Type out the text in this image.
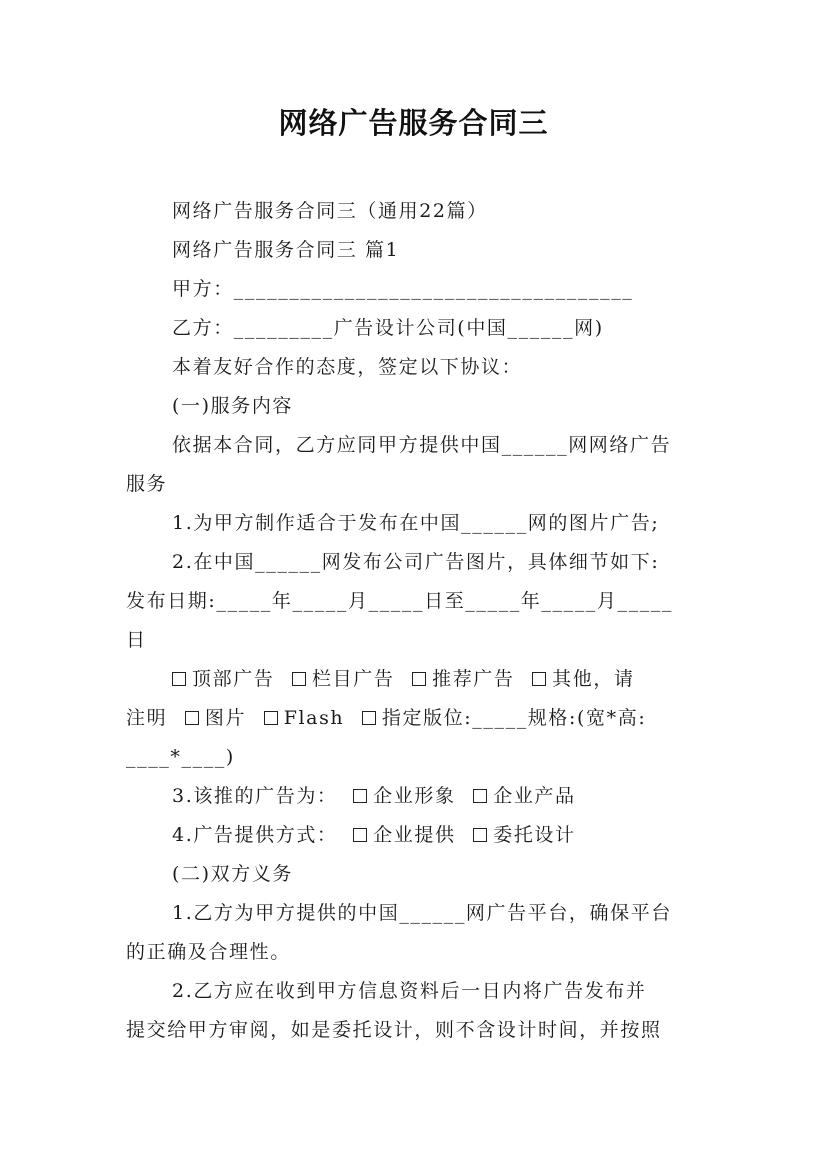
网络广告服务合同三
网络广告服务合同三（通用22篇）
网络广告服务合同三 篇1
甲方：____________________________________
乙方：_________广告设计公司(中国______网)
本着友好合作的态度，签定以下协议：
(一)服务内容
依据本合同，乙方应同甲方提供中国______网网络广告
服务
1.为甲方制作适合于发布在中国______网的图片广告;
2.在中国______网发布公司广告图片，具体细节如下:
发布日期:_____年_____月_____日至_____年_____月_____
日
顶部广告 栏目广告 推荐广告 其他，请
注明 图片 Flash 指定版位:_____规格:(宽*高:
____*____)
3.该推的广告为： 企业形象 企业产品
4.广告提供方式： 企业提供 委托设计
(二)双方义务
1.乙方为甲方提供的中国______网广告平台，确保平台
的正确及合理性。
2.乙方应在收到甲方信息资料后一日内将广告发布并
提交给甲方审阅，如是委托设计，则不含设计时间，并按照
